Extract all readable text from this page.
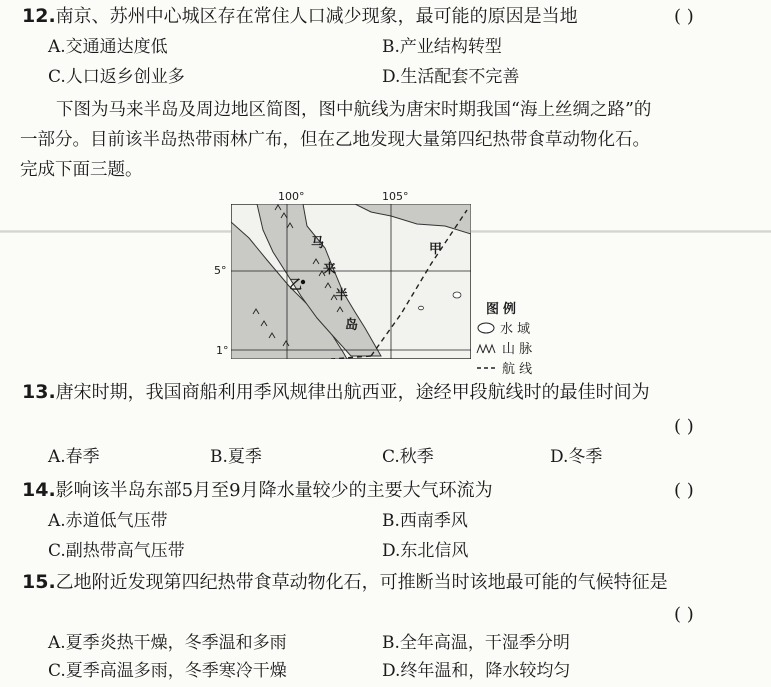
12.南京、苏州中心城区存在常住人口减少现象，最可能的原因是当地	( )
A.交通通达度低	B.产业结构转型
C.人口返乡创业多	D.生活配套不完善
下图为马来半岛及周边地区简图，图中航线为唐宋时期我国“海上丝绸之路”的
一部分。目前该半岛热带雨林广布，但在乙地发现大量第四纪热带食草动物化石。
完成下面三题。
100°	105°
5°
1°
马
来
半
岛
乙
甲
图例
水 域
山 脉
航 线
13.唐宋时期，我国商船利用季风规律出航西亚，途经甲段航线时的最佳时间为
( )
A.春季	B.夏季	C.秋季	D.冬季
14.影响该半岛东部5月至9月降水量较少的主要大气环流为	( )
A.赤道低气压带	B.西南季风
C.副热带高气压带	D.东北信风
15.乙地附近发现第四纪热带食草动物化石，可推断当时该地最可能的气候特征是
( )
A.夏季炎热干燥，冬季温和多雨	B.全年高温，干湿季分明
C.夏季高温多雨，冬季寒冷干燥	D.终年温和，降水较均匀
